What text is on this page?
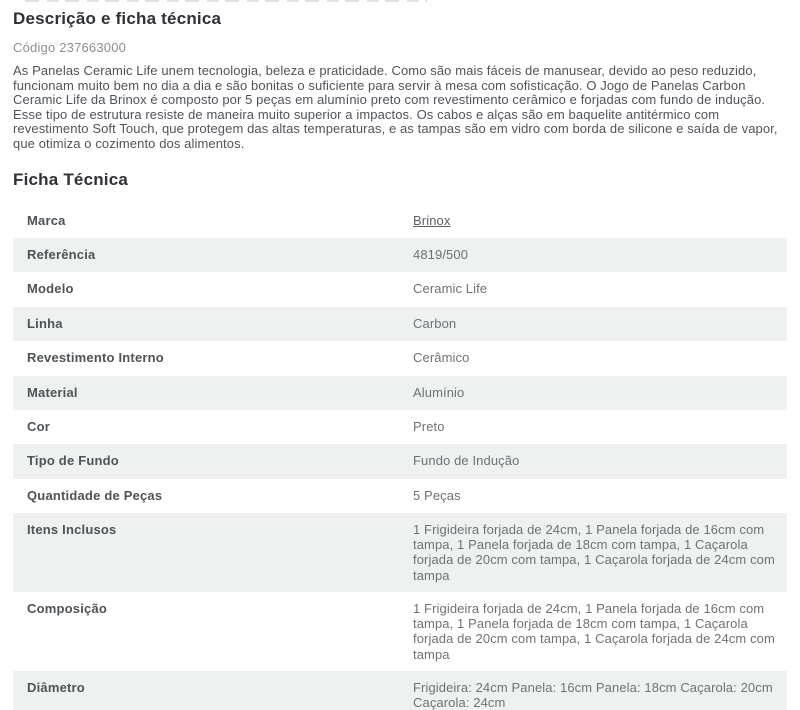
Descrição e ficha técnica
Código 237663000

As Panelas Ceramic Life unem tecnologia, beleza e praticidade. Como são mais fáceis de manusear, devido ao peso reduzido, funcionam muito bem no dia a dia e são bonitas o suficiente para servir à mesa com sofisticação. O Jogo de Panelas Carbon Ceramic Life da Brinox é composto por 5 peças em alumínio preto com revestimento cerâmico e forjadas com fundo de indução. Esse tipo de estrutura resiste de maneira muito superior a impactos. Os cabos e alças são em baquelite antitérmico com revestimento Soft Touch, que protegem das altas temperaturas, e as tampas são em vidro com borda de silicone e saída de vapor, que otimiza o cozimento dos alimentos.

Ficha Técnica
Marca	Brinox
Referência	4819/500
Modelo	Ceramic Life
Linha	Carbon
Revestimento Interno	Cerâmico
Material	Alumínio
Cor	Preto
Tipo de Fundo	Fundo de Indução
Quantidade de Peças	5 Peças
Itens Inclusos	1 Frigideira forjada de 24cm, 1 Panela forjada de 16cm com tampa, 1 Panela forjada de 18cm com tampa, 1 Caçarola forjada de 20cm com tampa, 1 Caçarola forjada de 24cm com tampa
Composição	1 Frigideira forjada de 24cm, 1 Panela forjada de 16cm com tampa, 1 Panela forjada de 18cm com tampa, 1 Caçarola forjada de 20cm com tampa, 1 Caçarola forjada de 24cm com tampa
Diâmetro	Frigideira: 24cm Panela: 16cm Panela: 18cm Caçarola: 20cm Caçarola: 24cm
